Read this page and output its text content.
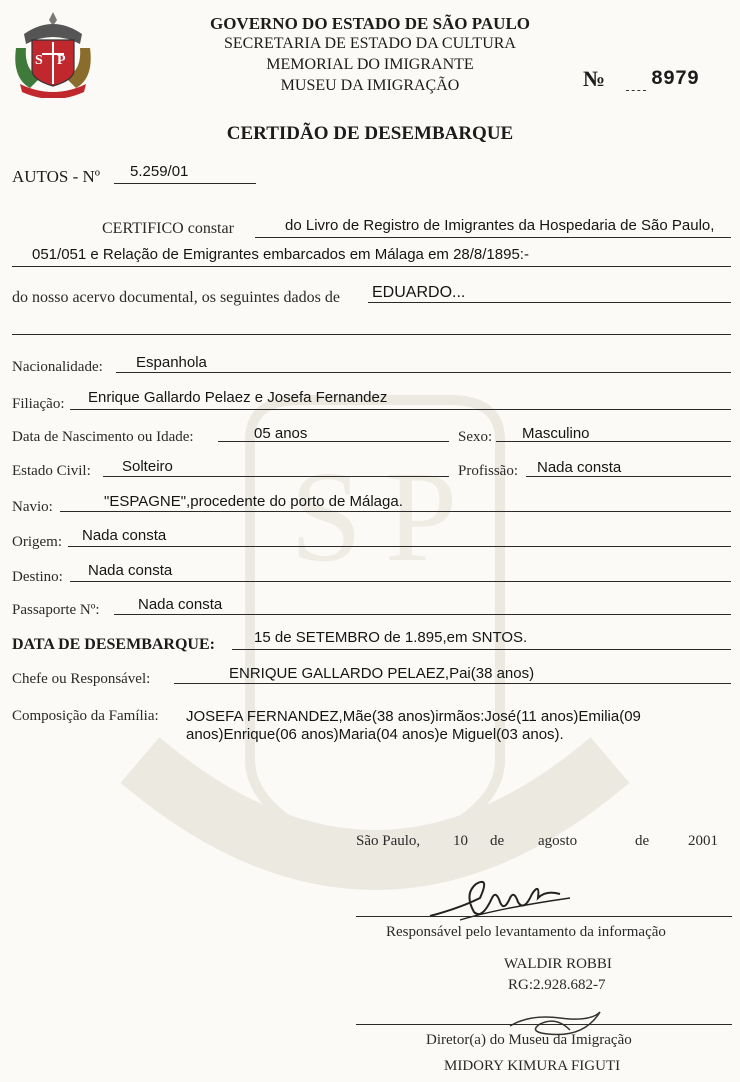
S P
S P
GOVERNO DO ESTADO DE SÃO PAULO
SECRETARIA DE ESTADO DA CULTURA
MEMORIAL DO IMIGRANTE
MUSEU DA IMIGRAÇÃO	№ 8979
CERTIDÃO DE DESEMBARQUE
AUTOS - Nº 5.259/01
CERTIFICO constar	do Livro de Registro de Imigrantes da Hospedaria de São Paulo,
051/051 e Relação de Emigrantes embarcados em Málaga em 28/8/1895:-
do nosso acervo documental, os seguintes dados de EDUARDO...
Nacionalidade: Espanhola
Filiação: Enrique Gallardo Pelaez e Josefa Fernandez
Data de Nascimento ou Idade:	05 anos	Sexo: Masculino
Estado Civil: Solteiro	Profissão: Nada consta
Navio:	"ESPAGNE",procedente do porto de Málaga.
Origem: Nada consta
Destino: Nada consta
Passaporte Nº:	Nada consta
DATA DE DESEMBARQUE:	15 de SETEMBRO de 1.895,em SNTOS.
Chefe ou Responsável:	ENRIQUE GALLARDO PELAEZ,Pai(38 anos)
Composição da Família: JOSEFA FERNANDEZ,Mãe(38 anos)irmãos:José(11 anos)Emilia(09
anos)Enrique(06 anos)Maria(04 anos)e Miguel(03 anos).
São Paulo, 10 de agosto	de	2001
Responsável pelo levantamento da informação
WALDIR ROBBI
RG:2.928.682-7
Diretor(a) do Museu da Imigração
MIDORY KIMURA FIGUTI
